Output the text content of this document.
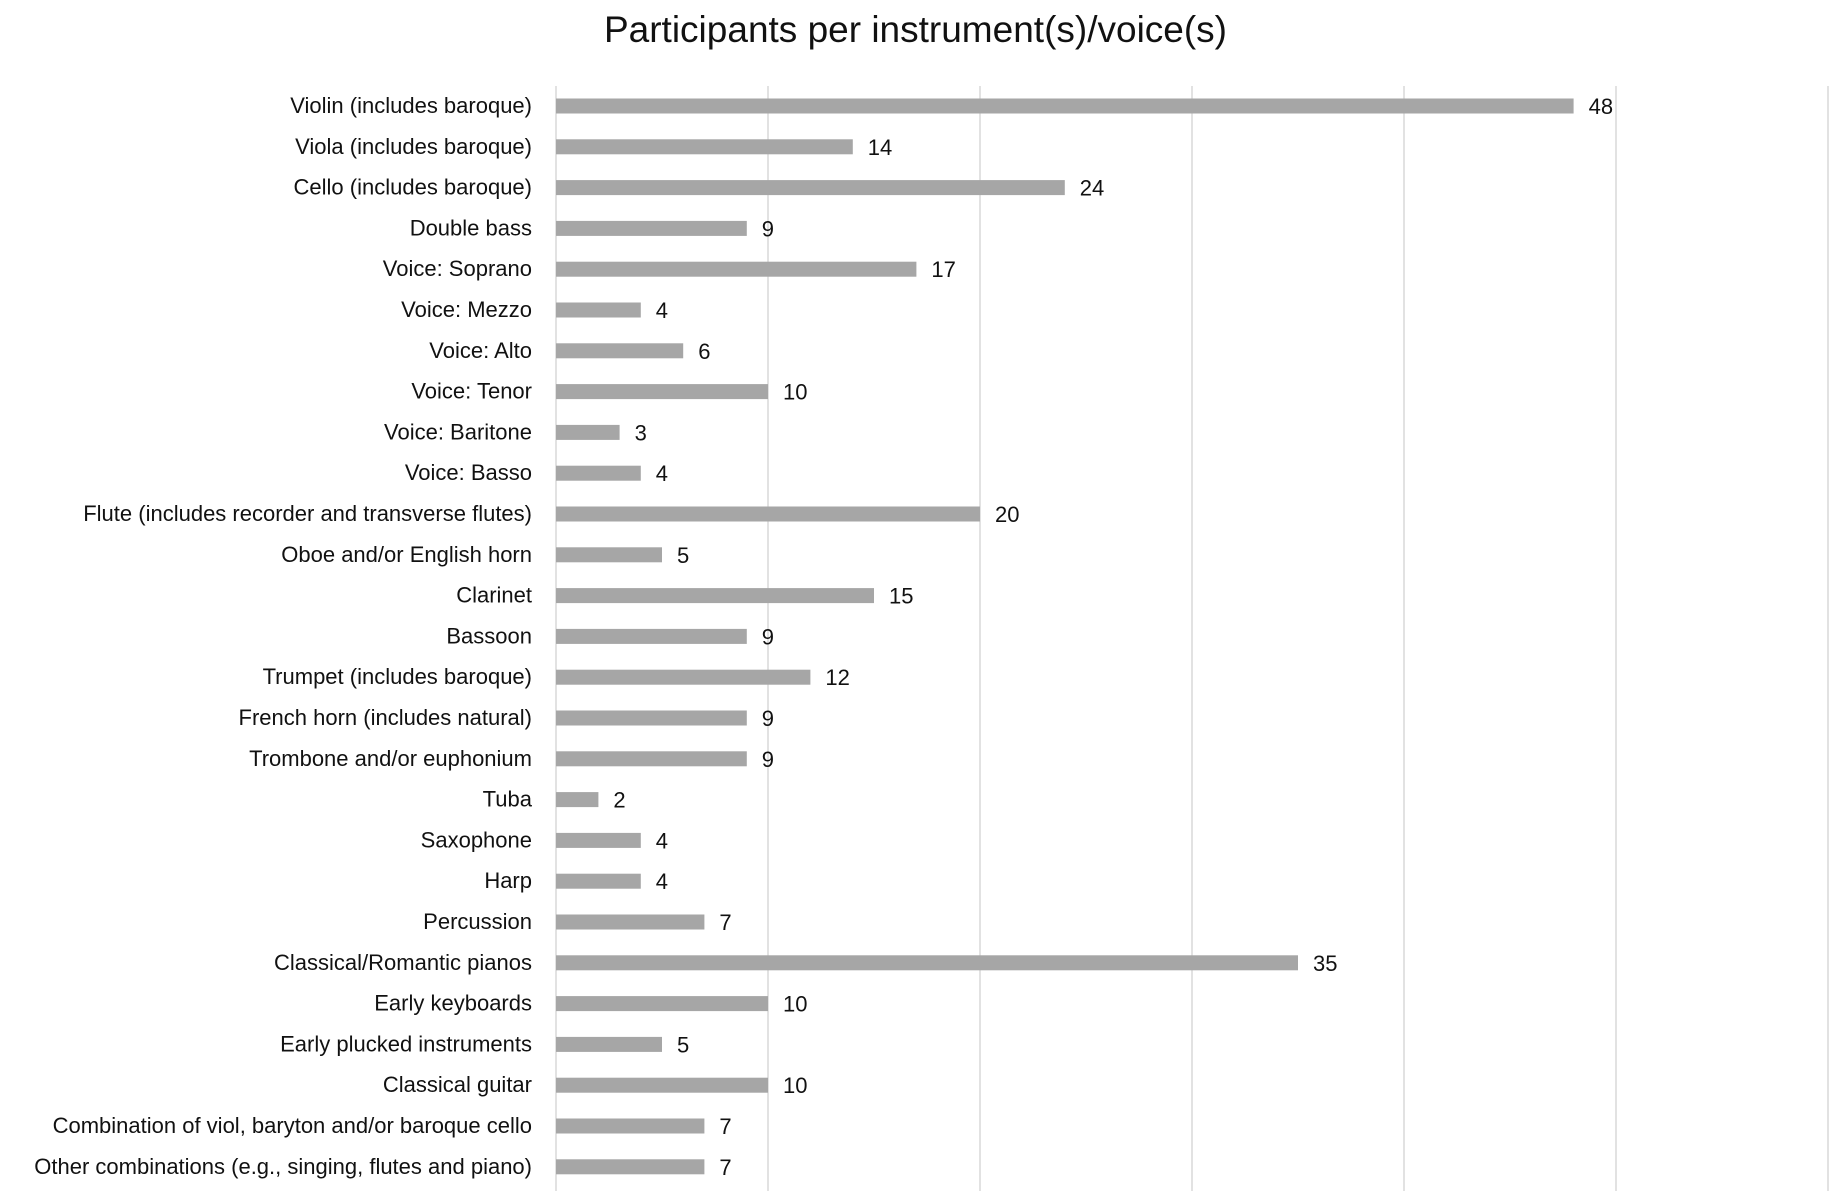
Participants per instrument(s)/voice(s)
Violin (includes baroque)	48
Viola (includes baroque)	14
Cello (includes baroque)	24
Double bass	9
Voice: Soprano	17
Voice: Mezzo	4
Voice: Alto	6
Voice: Tenor	10
Voice: Baritone	3
Voice: Basso	4
Flute (includes recorder and transverse flutes)	20
Oboe and/or English horn	5
Clarinet	15
Bassoon	9
Trumpet (includes baroque)	12
French horn (includes natural)	9
Trombone and/or euphonium	9
Tuba	2
Saxophone	4
Harp	4
Percussion	7
Classical/Romantic pianos	35
Early keyboards	10
Early plucked instruments	5
Classical guitar	10
Combination of viol, baryton and/or baroque cello	7
Other combinations (e.g., singing, flutes and piano)	7
